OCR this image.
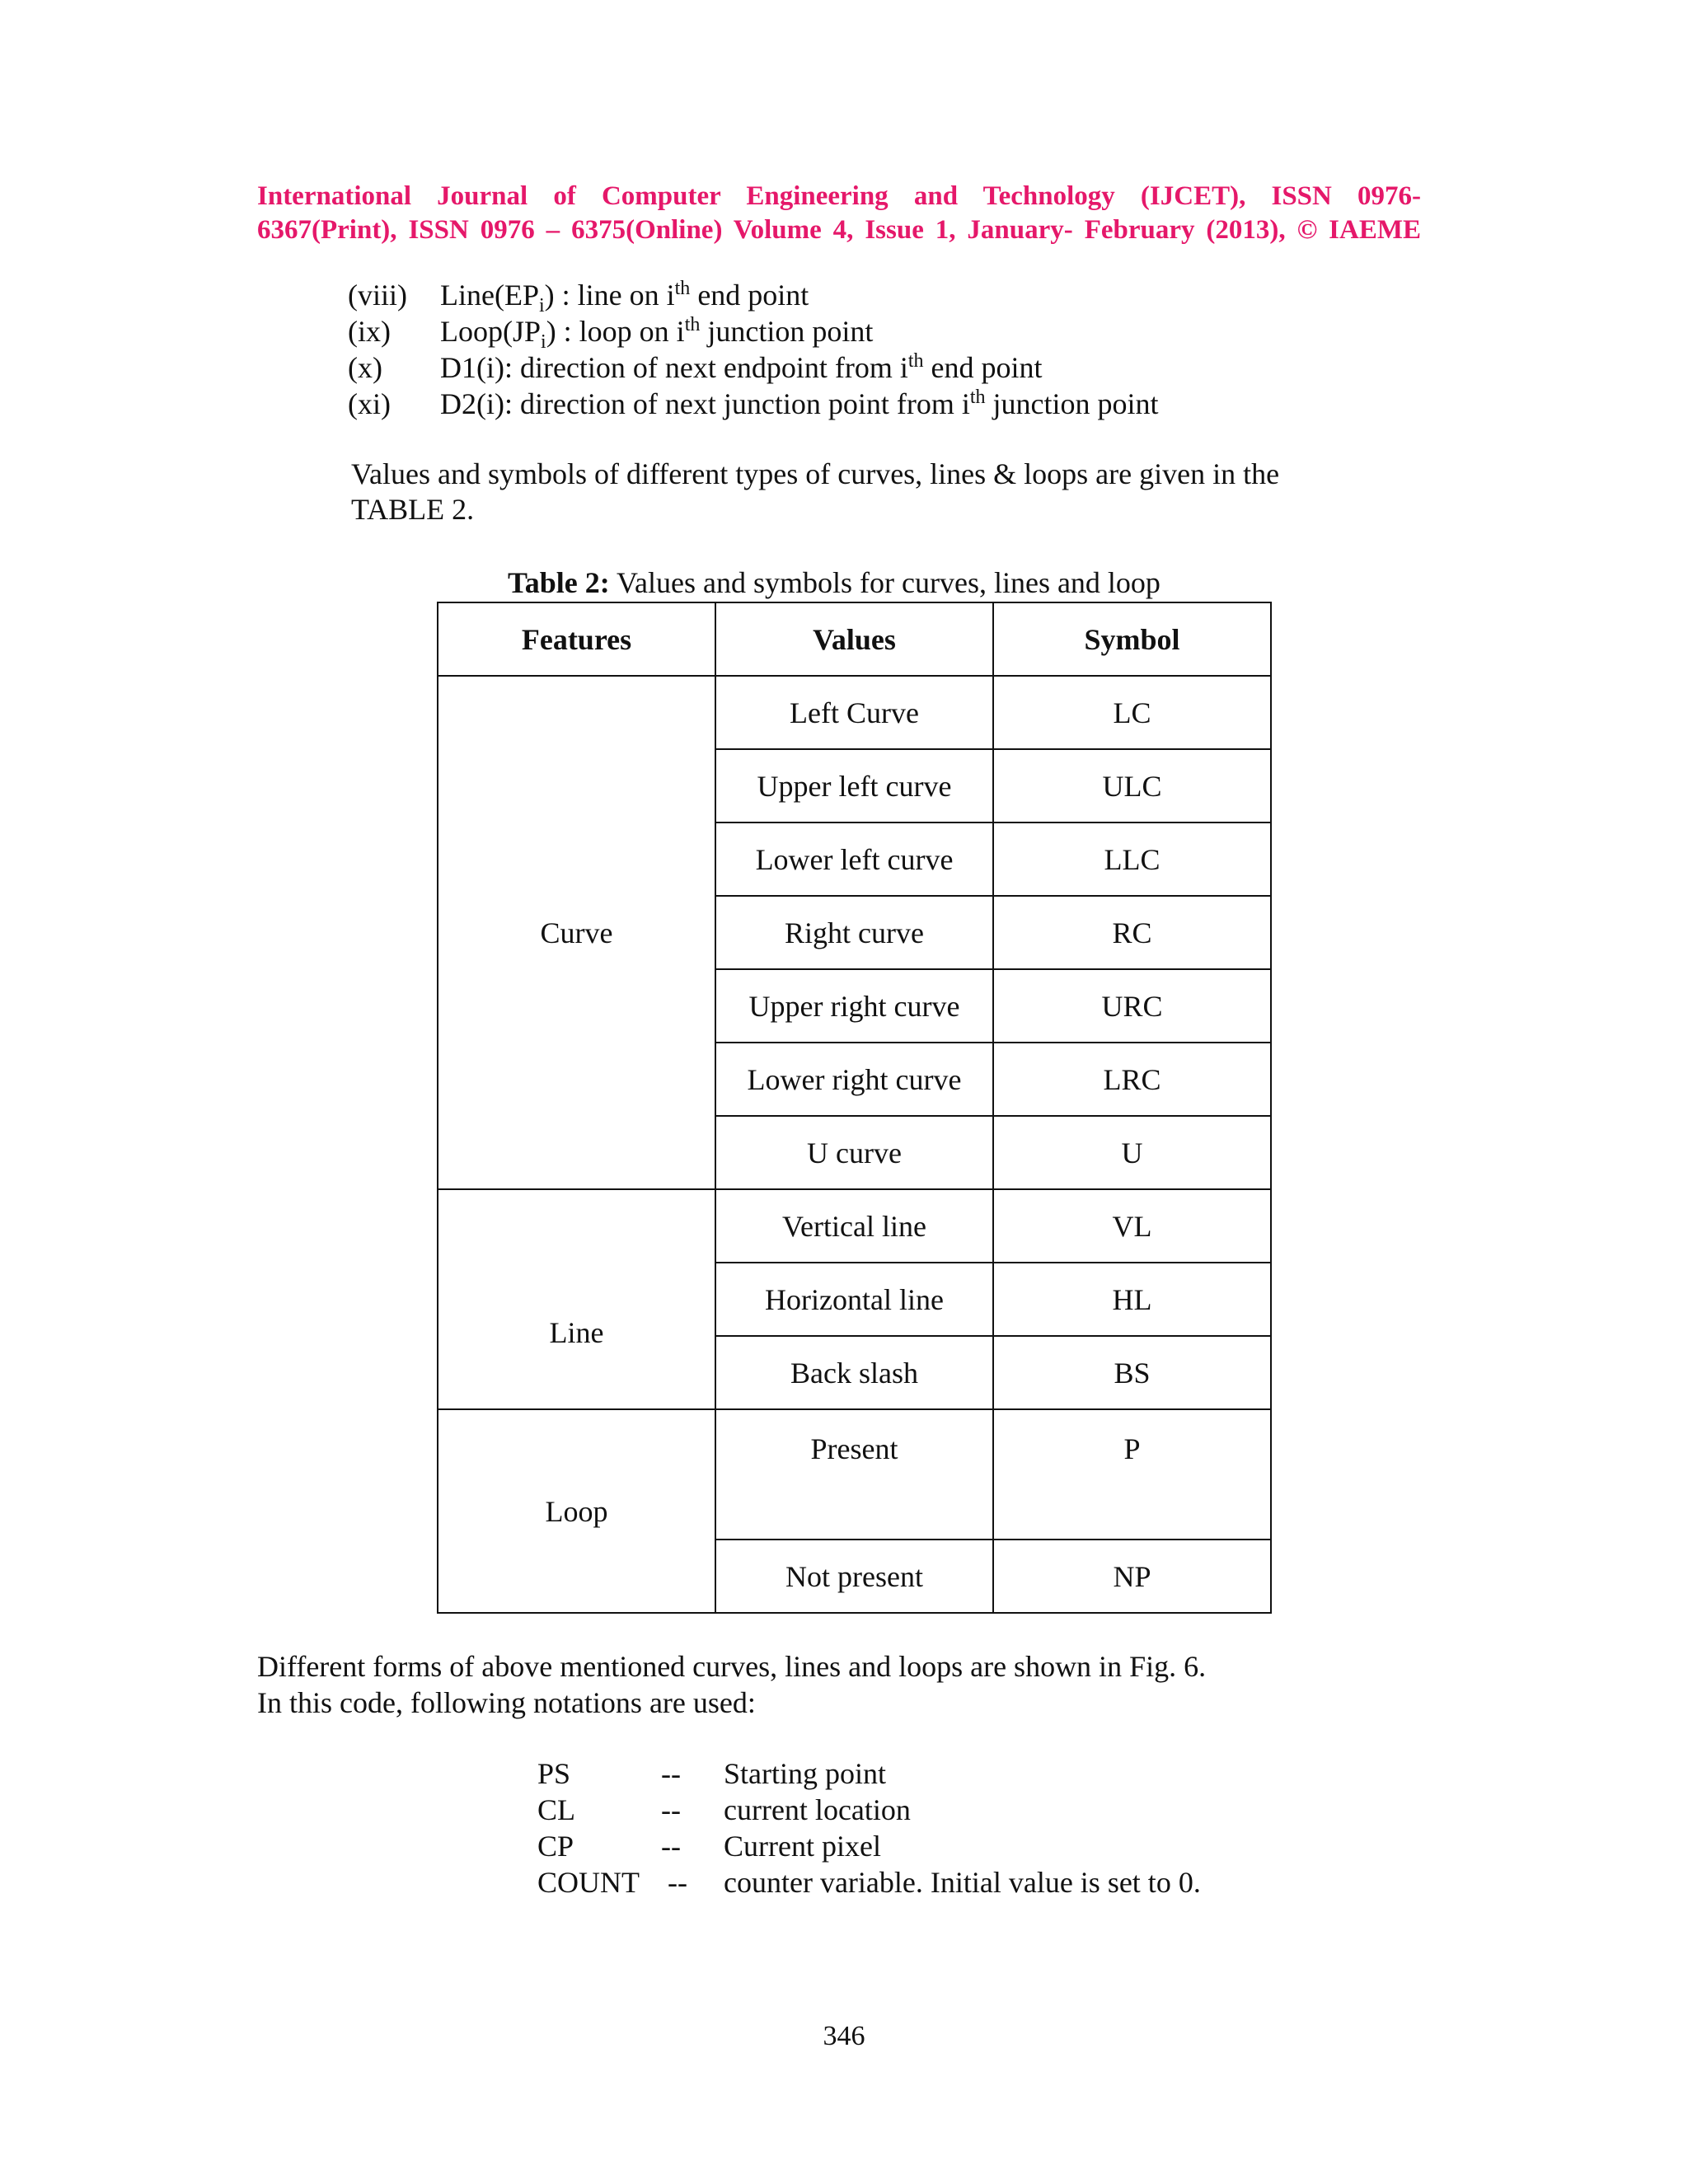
International Journal of Computer Engineering and Technology (IJCET), ISSN 0976-
6367(Print), ISSN 0976 – 6375(Online) Volume 4, Issue 1, January- February (2013), © IAEME
(viii) $Line(EP_i)$ : line on $i^{th}$ end point
(ix) $Loop(JP_i)$ : loop on $i^{th}$ junction point
(x) D1(i): direction of next endpoint from $i^{th}$ end point
(xi) D2(i): direction of next junction point from $i^{th}$ junction point
Values and symbols of different types of curves, lines & loops are given in the
TABLE 2.
Table 2: Values and symbols for curves, lines and loop
Features	Values	Symbol
Curve	Left Curve	LC
	Upper left curve	ULC
	Lower left curve	LLC
	Right curve	RC
	Upper right curve	URC
	Lower right curve	LRC
	U curve	U
Line	Vertical line	VL
	Horizontal line	HL
	Back slash	BS
Loop	Present	P
	Not present	NP
Different forms of above mentioned curves, lines and loops are shown in Fig. 6.
In this code, following notations are used:
PS	-- Starting point
CL	-- current location
CP	-- Current pixel
COUNT -- counter variable. Initial value is set to 0.
346
